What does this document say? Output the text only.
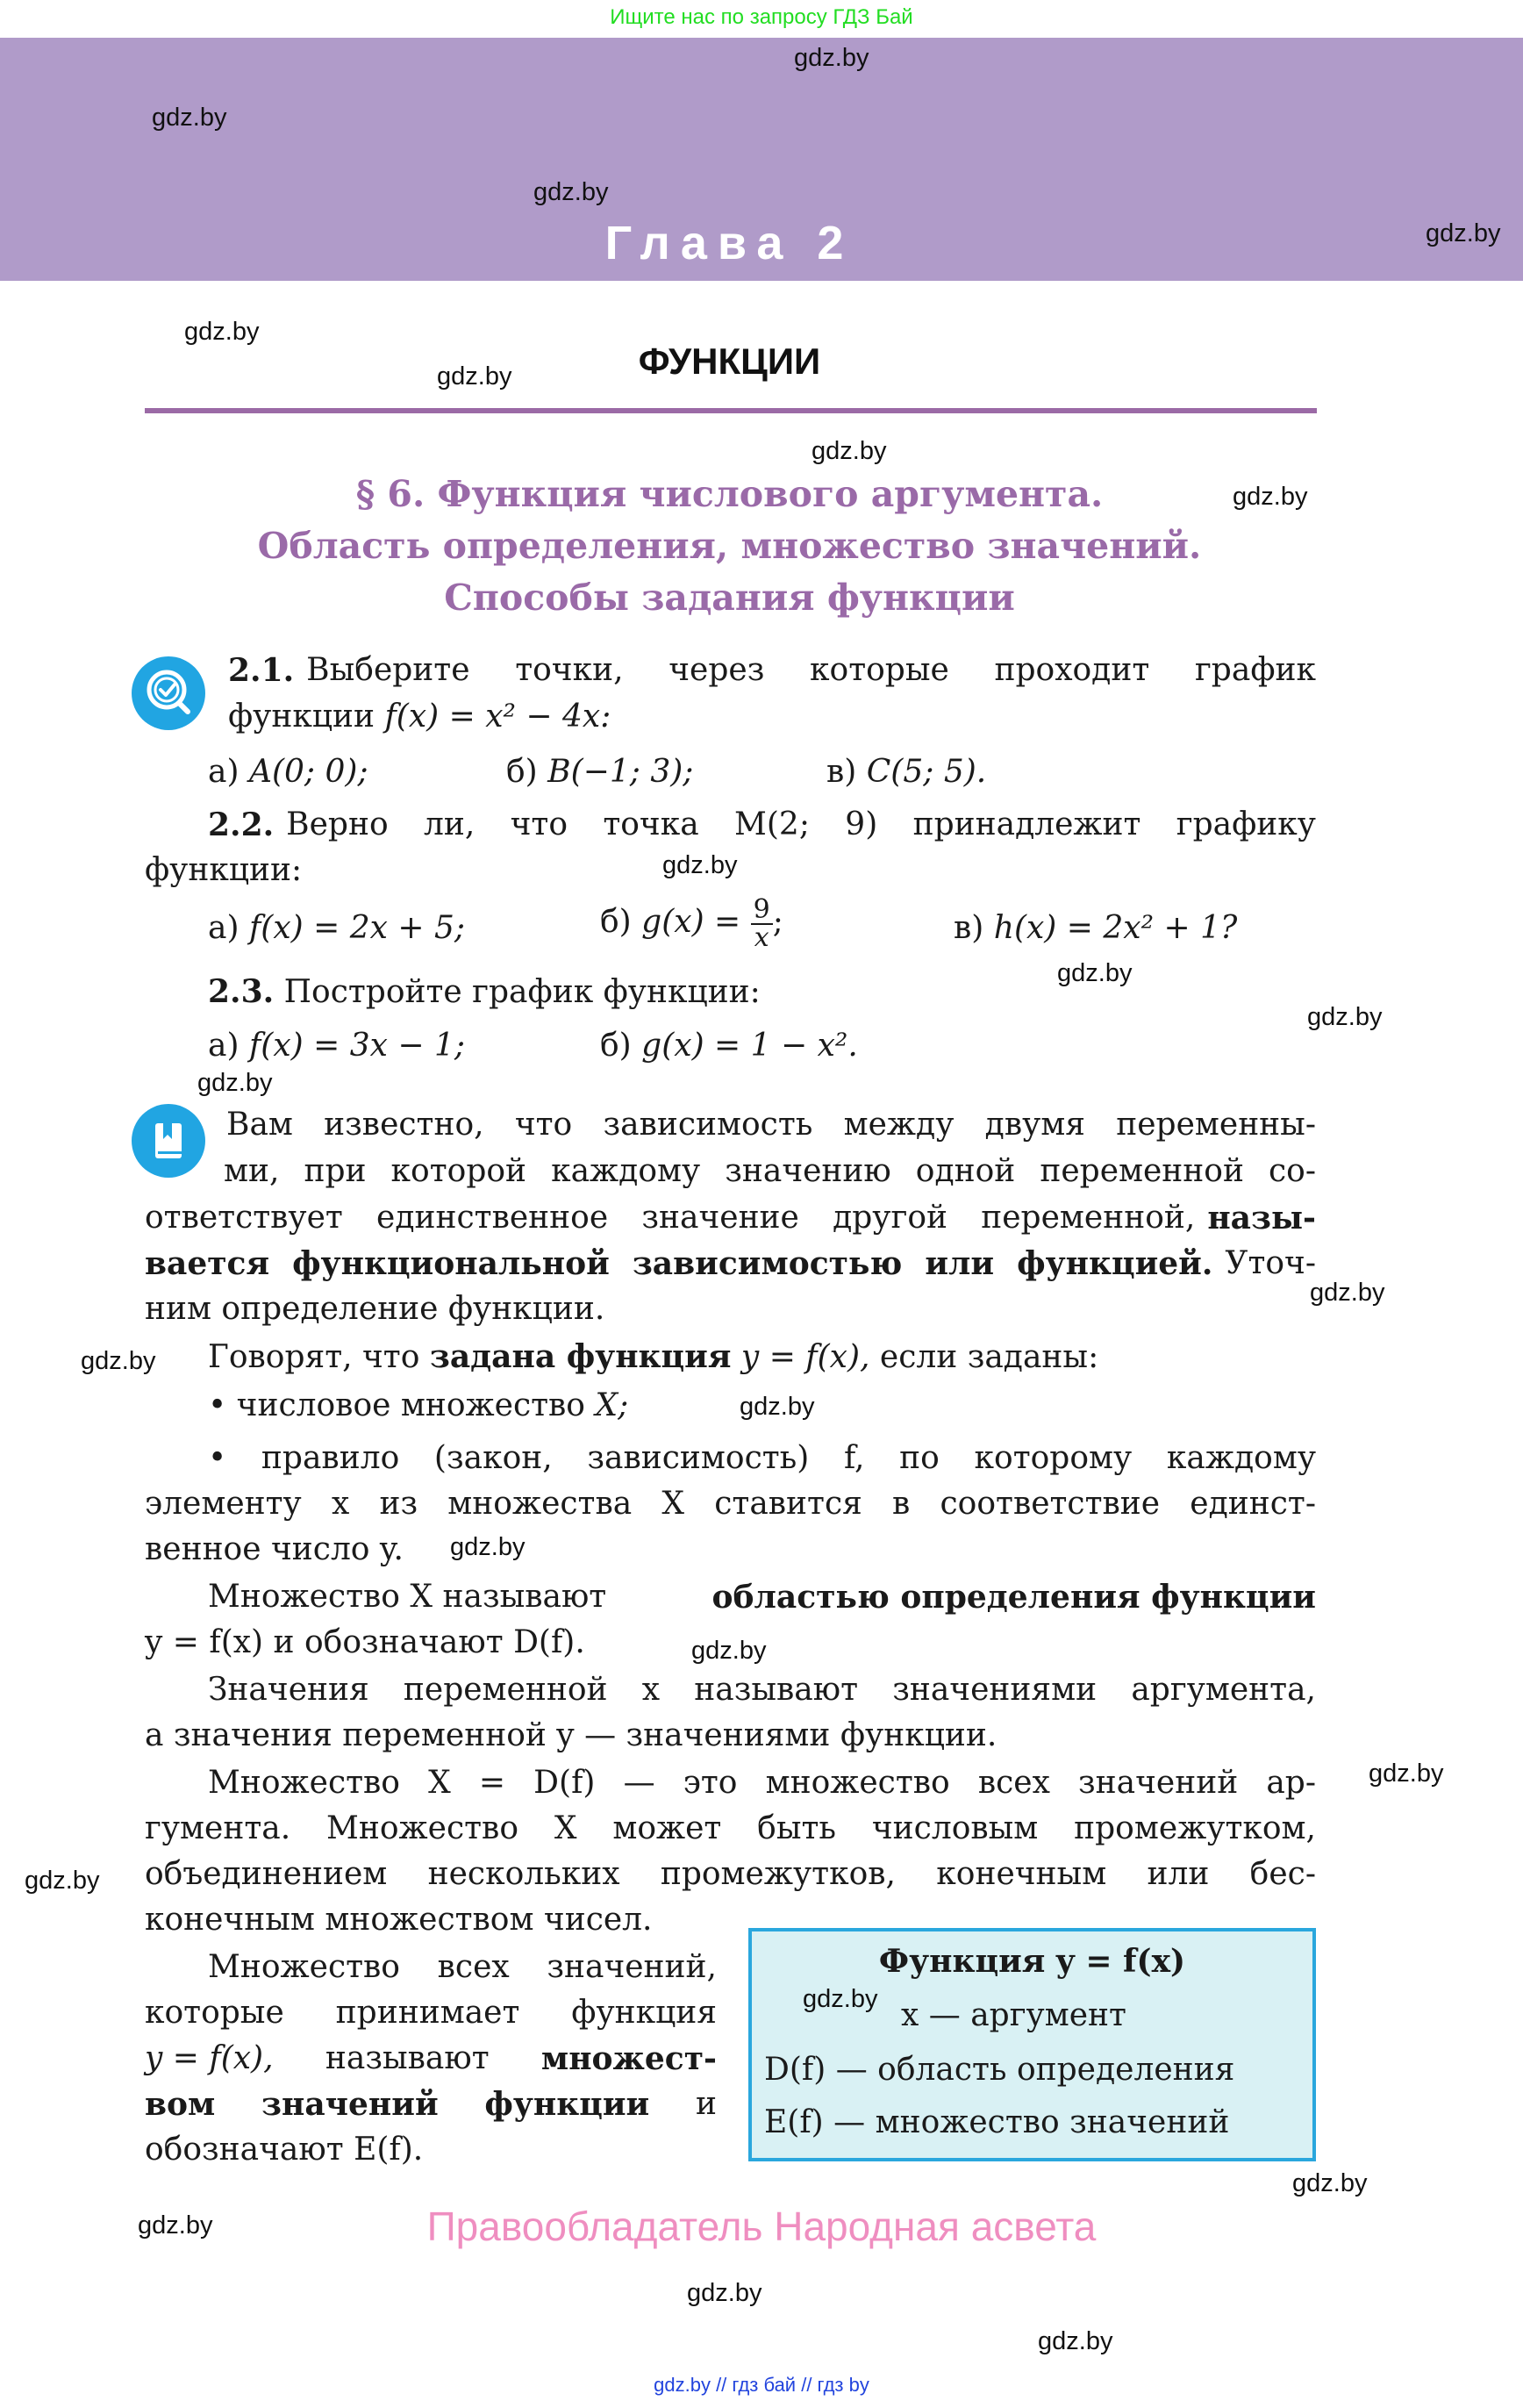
Ищите нас по запросу ГДЗ Бай
Глава 2
ФУНКЦИИ
§ 6. Функция числового аргумента.
Область определения, множество значений.
Способы задания функции
2.1. Выберите точки, через которые проходит график
функции f(x) = x² − 4x:
а) A(0; 0);	б) B(−1; 3);	в) C(5; 5).
2.2. Верно ли, что точка M(2; 9) принадлежит графику
функции:
а) f(x) = 2x + 5;	б) $g(x) = \frac{9}{x}$ ;	в) h(x) = 2x² + 1?
2.3. Постройте график функции:
а) f(x) = 3x − 1;	б) g(x) = 1 − x².
Вам известно, что зависимость между двумя переменны-
ми, при которой каждому значению одной переменной со-
ответствует единственное значение другой переменной, назы-
вается функциональной зависимостью или функцией. Уточ-
ним определение функции.
Говорят, что задана функция y = f(x), если заданы:
• числовое множество X;
• правило (закон, зависимость) f, по которому каждому
элементу x из множества X ставится в соответствие единст-
венное число y.
Множество X называют	областью определения функции
y = f(x) и обозначают D(f).
Значения переменной x называют значениями аргумента,
а значения переменной y — значениями функции.
Множество X = D(f) — это множество всех значений ар-
гумента. Множество X может быть числовым промежутком,
объединением нескольких промежутков, конечным или бес-
конечным множеством чисел.
Множество всех значений,
которые принимает функция
y = f(x), называют множест-
вом значений функции и
обозначают E(f).
Функция y = f(x)
x — аргумент
D(f) — область определения
E(f) — множество значений
Правообладатель Народная асвета
gdz.by // гдз бай // гдз by
gdz.by
gdz.by
gdz.by
gdz.by
gdz.by
gdz.by
gdz.by
gdz.by
gdz.by
gdz.by
gdz.by
gdz.by
gdz.by
gdz.by
gdz.by
gdz.by
gdz.by
gdz.by
gdz.by
gdz.by
gdz.by
gdz.by
gdz.by
gdz.by
